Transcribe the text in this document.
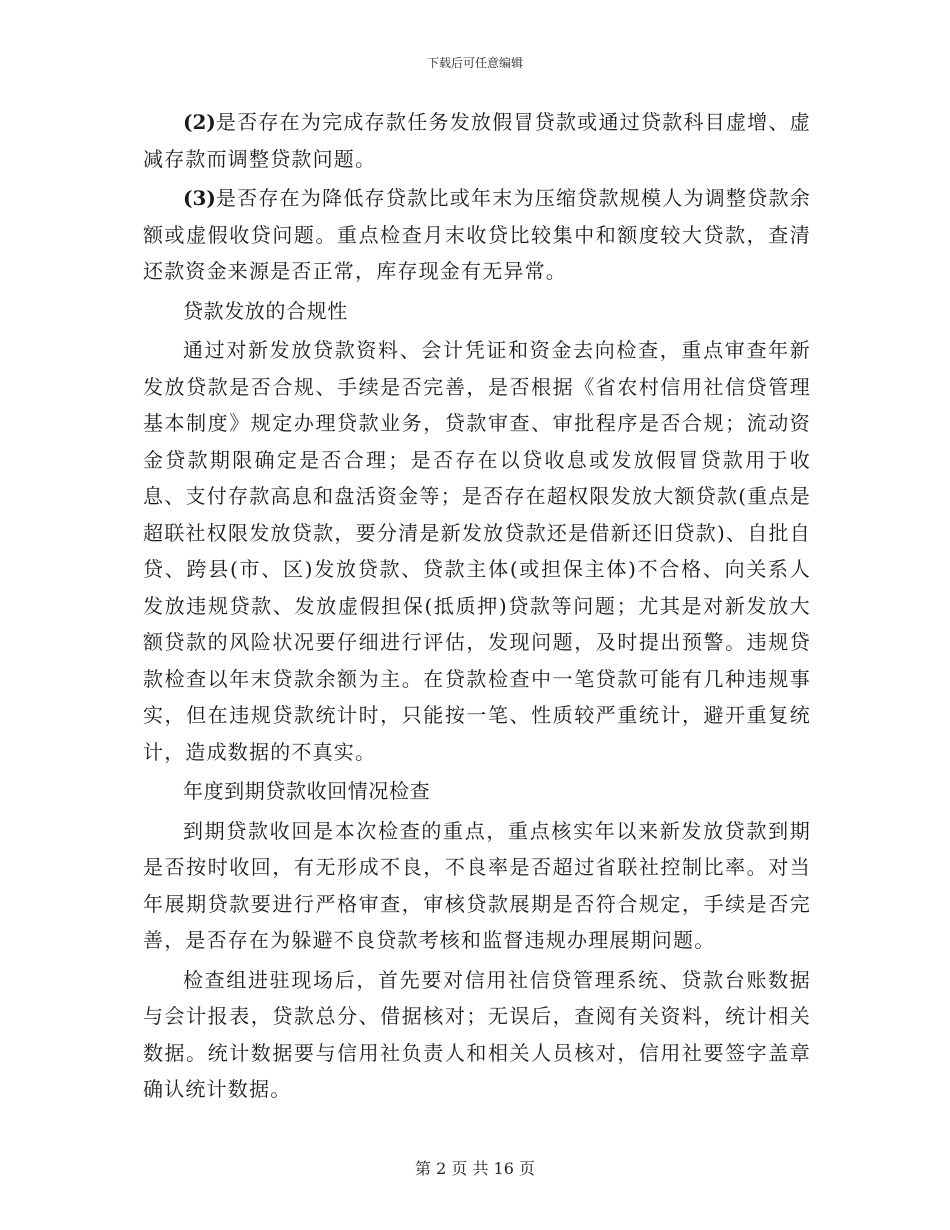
下载后可任意编辑

(2)是否存在为完成存款任务发放假冒贷款或通过贷款科目虚增、虚减存款而调整贷款问题。

(3)是否存在为降低存贷款比或年末为压缩贷款规模人为调整贷款余额或虚假收贷问题。重点检查月末收贷比较集中和额度较大贷款，查清还款资金来源是否正常，库存现金有无异常。

贷款发放的合规性

通过对新发放贷款资料、会计凭证和资金去向检查，重点审查年新发放贷款是否合规、手续是否完善，是否根据《省农村信用社信贷管理基本制度》规定办理贷款业务，贷款审查、审批程序是否合规；流动资金贷款期限确定是否合理；是否存在以贷收息或发放假冒贷款用于收息、支付存款高息和盘活资金等；是否存在超权限发放大额贷款(重点是超联社权限发放贷款，要分清是新发放贷款还是借新还旧贷款)、自批自贷、跨县(市、区)发放贷款、贷款主体(或担保主体)不合格、向关系人发放违规贷款、发放虚假担保(抵质押)贷款等问题；尤其是对新发放大额贷款的风险状况要仔细进行评估，发现问题，及时提出预警。违规贷款检查以年末贷款余额为主。在贷款检查中一笔贷款可能有几种违规事实，但在违规贷款统计时，只能按一笔、性质较严重统计，避开重复统计，造成数据的不真实。

年度到期贷款收回情况检查

到期贷款收回是本次检查的重点，重点核实年以来新发放贷款到期是否按时收回，有无形成不良，不良率是否超过省联社控制比率。对当年展期贷款要进行严格审查，审核贷款展期是否符合规定，手续是否完善，是否存在为躲避不良贷款考核和监督违规办理展期问题。

检查组进驻现场后，首先要对信用社信贷管理系统、贷款台账数据与会计报表，贷款总分、借据核对；无误后，查阅有关资料，统计相关数据。统计数据要与信用社负责人和相关人员核对，信用社要签字盖章确认统计数据。

第 2 页 共 16 页
